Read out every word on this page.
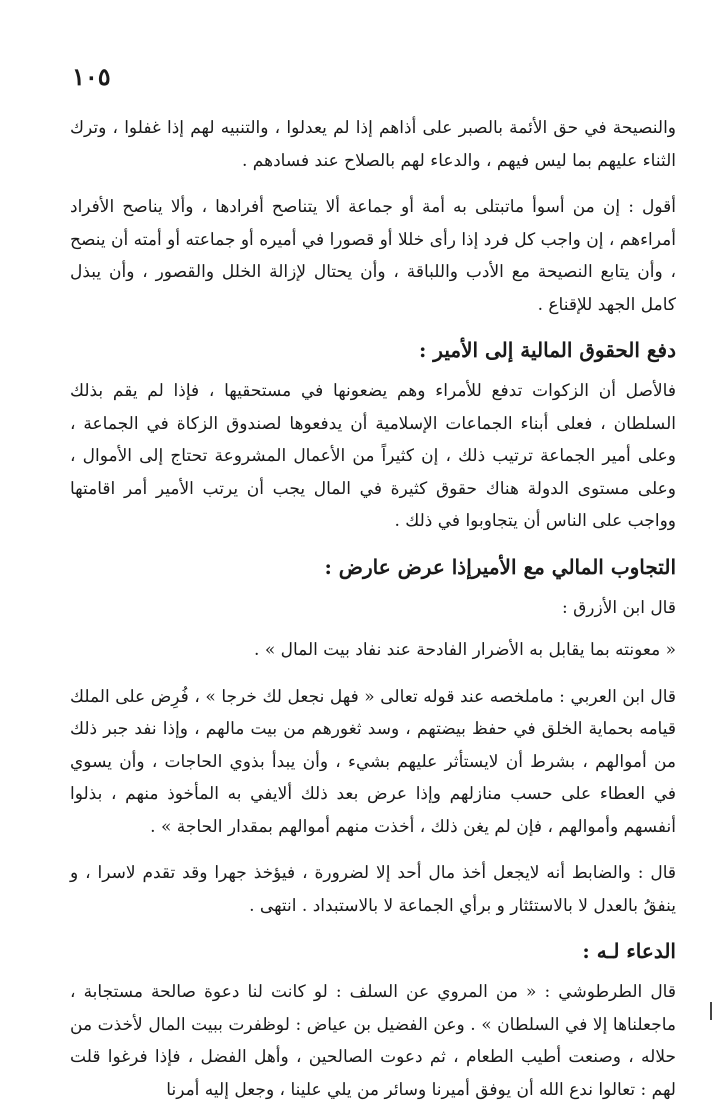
١٠٥

والنصيحة في حق الأئمة بالصبر على أذاهم إذا لم يعدلوا ، والتنبيه لهم إذا غفلوا ، وترك الثناء عليهم بما ليس فيهم ، والدعاء لهم بالصلاح عند فسادهم .

أقول : إن من أسوأ ماتبتلى به أمة أو جماعة ألا يتناصح أفرادها ، وألا يناصح الأفراد أمراءهم ، إن واجب كل فرد إذا رأى خللا أو قصورا في أميره أو جماعته أو أمته أن ينصح ، وأن يتابع النصيحة مع الأدب واللباقة ، وأن يحتال لإزالة الخلل والقصور ، وأن يبذل كامل الجهد للإقناع .

دفع الحقوق المالية إلى الأمير :

فالأصل أن الزكوات تدفع للأمراء وهم يضعونها في مستحقيها ، فإذا لم يقم بذلك السلطان ، فعلى أبناء الجماعات الإسلامية أن يدفعوها لصندوق الزكاة في الجماعة ، وعلى أمير الجماعة ترتيب ذلك ، إن كثيراً من الأعمال المشروعة تحتاج إلى الأموال ، وعلى مستوى الدولة هناك حقوق كثيرة في المال يجب أن يرتب الأمير أمر اقامتها وواجب على الناس أن يتجاوبوا في ذلك .

التجاوب المالي مع الأميرإذا عرض عارض :

قال ابن الأزرق :

« معونته بما يقابل به الأضرار الفادحة عند نفاد بيت المال » .

قال ابن العربي : ماملخصه عند قوله تعالى « فهل نجعل لك خرجا » ، فُرِض على الملك قيامه بحماية الخلق في حفظ بيضتهم ، وسد ثغورهم من بيت مالهم ، وإذا نفد جبر ذلك من أموالهم ، بشرط أن لايستأثر عليهم بشيء ، وأن يبدأ بذوي الحاجات ، وأن يسوي في العطاء على حسب منازلهم وإذا عرض بعد ذلك ألايفي به المأخوذ منهم ، بذلوا أنفسهم وأموالهم ، فإن لم يغن ذلك ، أخذت منهم أموالهم بمقدار الحاجة » .

قال : والضابط أنه لايجعل أخذ مال أحد إلا لضرورة ، فيؤخذ جهرا وقد تقدم لاسرا ، و ينفقُ بالعدل لا بالاستئثار و برأي الجماعة لا بالاستبداد . انتهى .

الدعاء لـه :

قال الطرطوشي : « من المروي عن السلف : لو كانت لنا دعوة صالحة مستجابة ، ماجعلناها إلا في السلطان » . وعن الفضيل بن عياض : لوظفرت ببيت المال لأخذت من حلاله ، وصنعت أطيب الطعام ، ثم دعوت الصالحين ، وأهل الفضل ، فإذا فرغوا قلت لهم : تعالوا ندع الله أن يوفق أميرنا وسائر من يلي علينا ، وجعل إليه أمرنا
